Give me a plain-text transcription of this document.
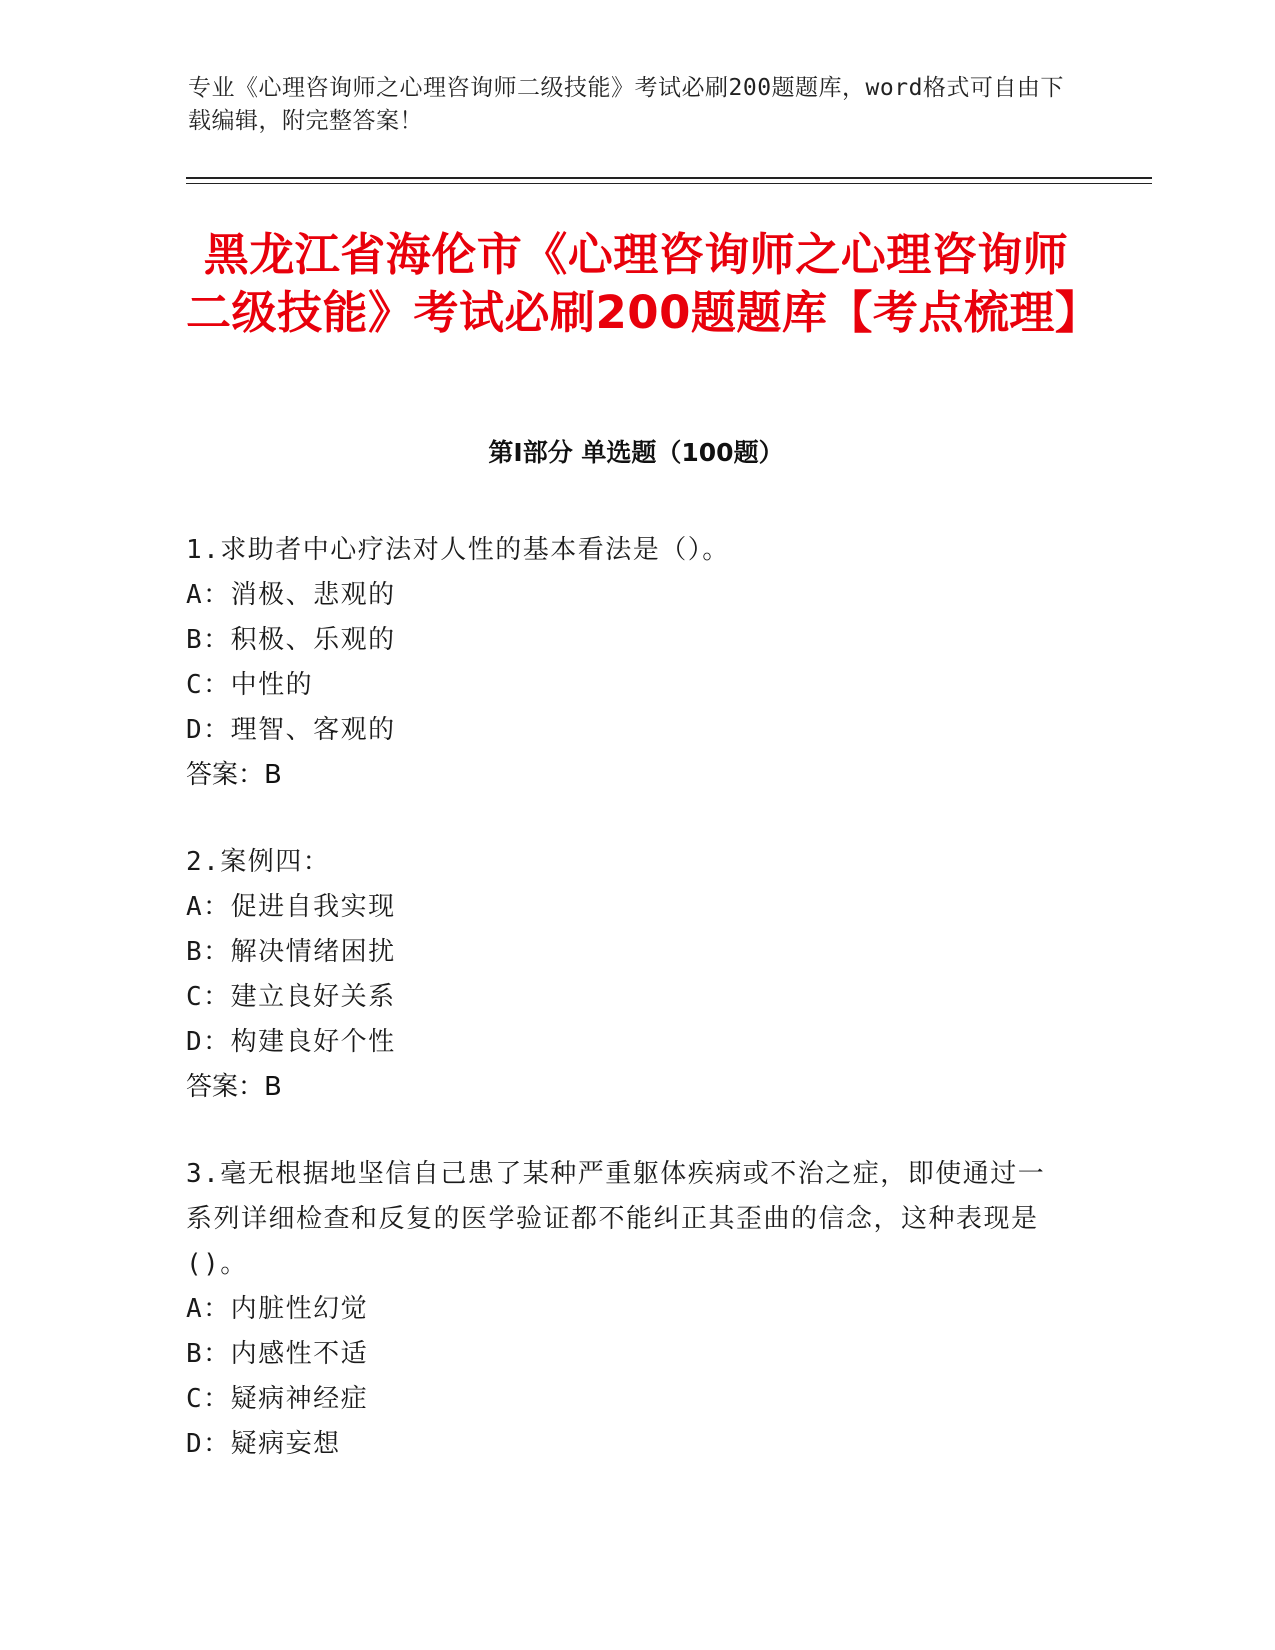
专业《心理咨询师之心理咨询师二级技能》考试必刷200题题库，word格式可自由下载编辑，附完整答案！
黑龙江省海伦市《心理咨询师之心理咨询师二级技能》考试必刷200题题库【考点梳理】
第I部分 单选题（100题）
1.求助者中心疗法对人性的基本看法是（）。
A：消极、悲观的
B：积极、乐观的
C：中性的
D：理智、客观的
答案：B
2.案例四：
A：促进自我实现
B：解决情绪困扰
C：建立良好关系
D：构建良好个性
答案：B
3.毫无根据地坚信自己患了某种严重躯体疾病或不治之症，即使通过一系列详细检查和反复的医学验证都不能纠正其歪曲的信念，这种表现是()。
A：内脏性幻觉
B：内感性不适
C：疑病神经症
D：疑病妄想
